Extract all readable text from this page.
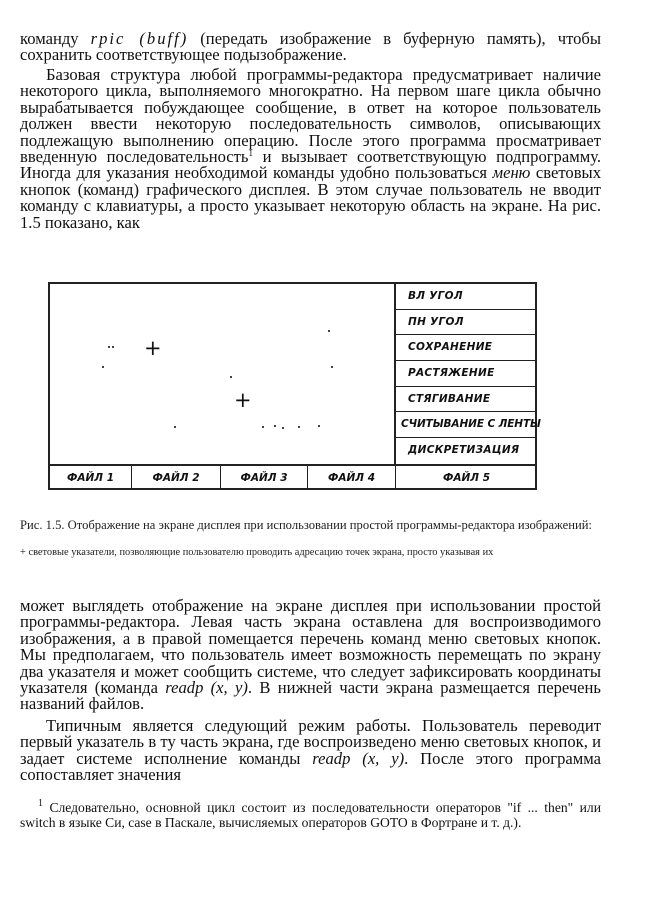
команду rpic (buff) (передать изображение в буферную память), чтобы сохранить соответствующее подызображение.

Базовая структура любой программы-редактора предусматривает наличие некоторого цикла, выполняемого многократно. На первом шаге цикла обычно вырабатывается побуждающее сообщение, в ответ на которое пользователь должен ввести некоторую последовательность символов, описывающих подлежащую выполнению операцию. После этого программа просматривает введенную последовательность$^1$ и вызывает соответствующую подпрограмму. Иногда для указания необходимой команды удобно пользоваться меню световых кнопок (команд) графического дисплея. В этом случае пользователь не вводит команду с клавиатуры, а просто указывает некоторую область на экране. На рис. 1.5 показано, как

+
+
ВЛ УГОЛ
ПН УГОЛ
СОХРАНЕНИЕ
РАСТЯЖЕНИЕ
СТЯГИВАНИЕ
СЧИТЫВАНИЕ С ЛЕНТЫ
ДИСКРЕТИЗАЦИЯ
ФАЙЛ 1	ФАЙЛ 2	ФАЙЛ 3	ФАЙЛ 4	ФАЙЛ 5

Рис. 1.5. Отображение на экране дисплея при использовании простой программы-редактора изображений:

+ световые указатели, позволяющие пользователю проводить адресацию точек экрана, просто указывая их

может выглядеть отображение на экране дисплея при использовании простой программы-редактора. Левая часть экрана оставлена для воспроизводимого изображения, а в правой помещается перечень команд меню световых кнопок. Мы предполагаем, что пользователь имеет возможность перемещать по экрану два указателя и может сообщить системе, что следует зафиксировать координаты указателя (команда readp (x, y). В нижней части экрана размещается перечень названий файлов.

Типичным является следующий режим работы. Пользователь переводит первый указатель в ту часть экрана, где воспроизведено меню световых кнопок, и задает системе исполнение команды readp (x, y). После этого программа сопоставляет значения

$^1$ Следовательно, основной цикл состоит из последовательности операторов "if ... then" или switch в языке Си, case в Паскале, вычисляемых операторов GOTO в Фортране и т. д.).
